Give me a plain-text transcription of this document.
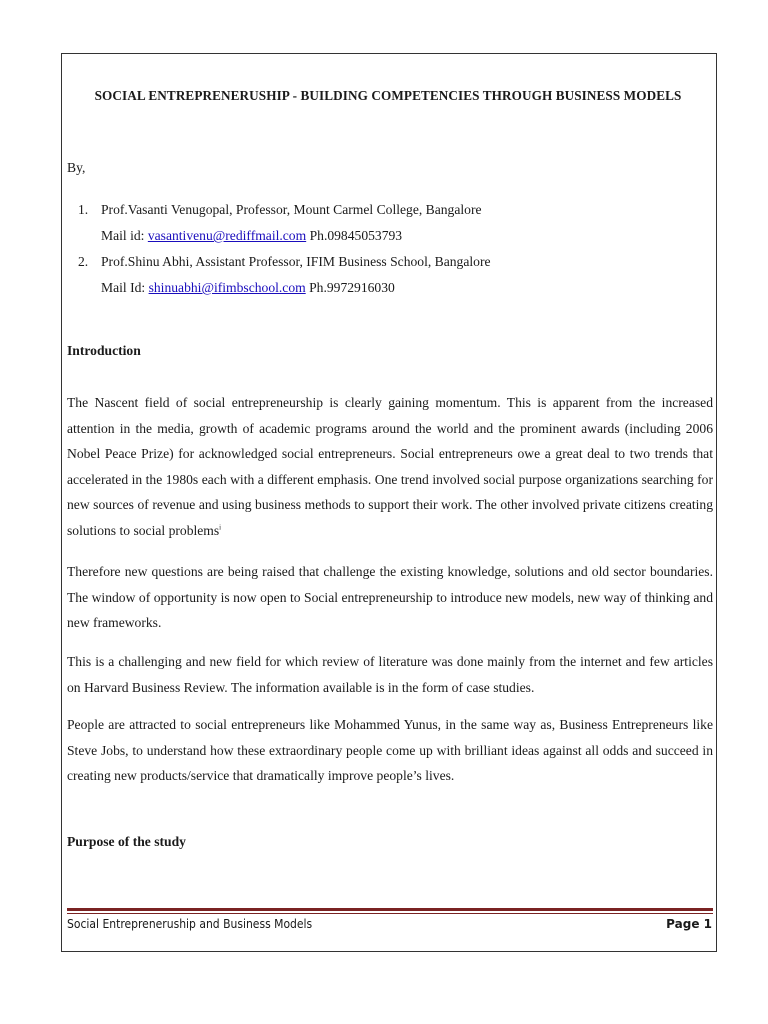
SOCIAL ENTREPRENERUSHIP - BUILDING COMPETENCIES THROUGH BUSINESS MODELS
By,
1. Prof.Vasanti Venugopal, Professor, Mount Carmel College, Bangalore
Mail id: vasantivenu@rediffmail.com Ph.09845053793
2. Prof.Shinu Abhi, Assistant Professor, IFIM Business School, Bangalore
Mail Id: shinuabhi@ifimbschool.com Ph.9972916030
Introduction
The Nascent field of social entrepreneurship is clearly gaining momentum. This is apparent from the increased attention in the media, growth of academic programs around the world and the prominent awards (including 2006 Nobel Peace Prize) for acknowledged social entrepreneurs. Social entrepreneurs owe a great deal to two trends that accelerated in the 1980s each with a different emphasis. One trend involved social purpose organizations searching for new sources of revenue and using business methods to support their work. The other involved private citizens creating solutions to social problems$^i$
Therefore new questions are being raised that challenge the existing knowledge, solutions and old sector boundaries. The window of opportunity is now open to Social entrepreneurship to introduce new models, new way of thinking and new frameworks.
This is a challenging and new field for which review of literature was done mainly from the internet and few articles on Harvard Business Review. The information available is in the form of case studies.
People are attracted to social entrepreneurs like Mohammed Yunus, in the same way as, Business Entrepreneurs like Steve Jobs, to understand how these extraordinary people come up with brilliant ideas against all odds and succeed in creating new products/service that dramatically improve people’s lives.
Purpose of the study
Social Entrepreneruship and Business Models	Page 1
